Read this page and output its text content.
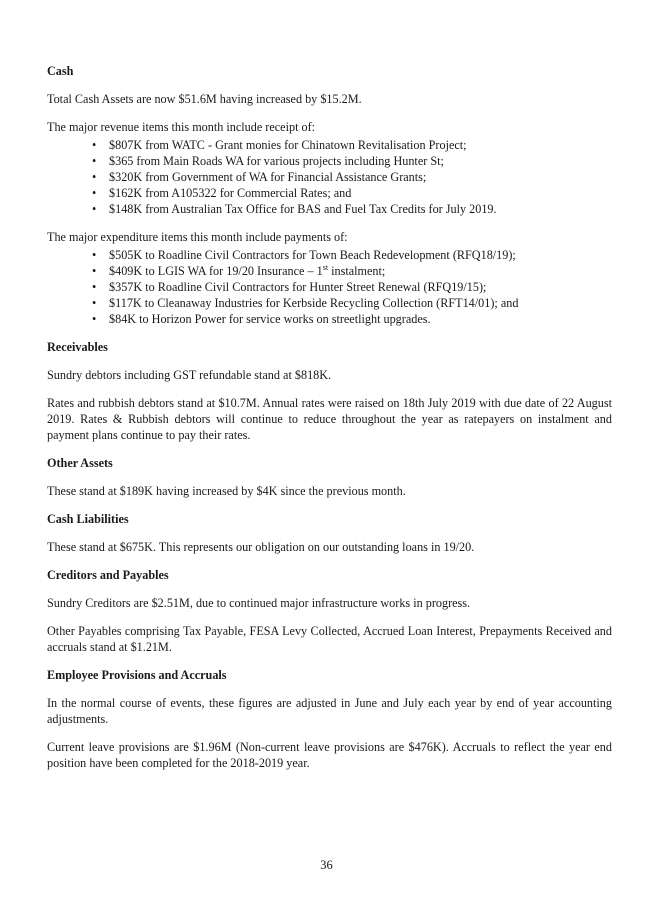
Cash

Total Cash Assets are now $51.6M having increased by $15.2M.

The major revenue items this month include receipt of:

• $807K from WATC - Grant monies for Chinatown Revitalisation Project;
• $365 from Main Roads WA for various projects including Hunter St;
• $320K from Government of WA for Financial Assistance Grants;
• $162K from A105322 for Commercial Rates; and
• $148K from Australian Tax Office for BAS and Fuel Tax Credits for July 2019.

The major expenditure items this month include payments of:

• $505K to Roadline Civil Contractors for Town Beach Redevelopment (RFQ18/19);
• $409K to LGIS WA for 19/20 Insurance – 1st instalment;
• $357K to Roadline Civil Contractors for Hunter Street Renewal (RFQ19/15);
• $117K to Cleanaway Industries for Kerbside Recycling Collection (RFT14/01); and
• $84K to Horizon Power for service works on streetlight upgrades.
Receivables

Sundry debtors including GST refundable stand at $818K.

Rates and rubbish debtors stand at $10.7M. Annual rates were raised on 18th July 2019 with due date of 22 August 2019. Rates & Rubbish debtors will continue to reduce throughout the year as ratepayers on instalment and payment plans continue to pay their rates.

Other Assets

These stand at $189K having increased by $4K since the previous month.

Cash Liabilities

These stand at $675K. This represents our obligation on our outstanding loans in 19/20.

Creditors and Payables

Sundry Creditors are $2.51M, due to continued major infrastructure works in progress.

Other Payables comprising Tax Payable, FESA Levy Collected, Accrued Loan Interest, Prepayments Received and accruals stand at $1.21M.

Employee Provisions and Accruals

In the normal course of events, these figures are adjusted in June and July each year by end of year accounting adjustments.

Current leave provisions are $1.96M (Non-current leave provisions are $476K). Accruals to reflect the year end position have been completed for the 2018-2019 year.

36
